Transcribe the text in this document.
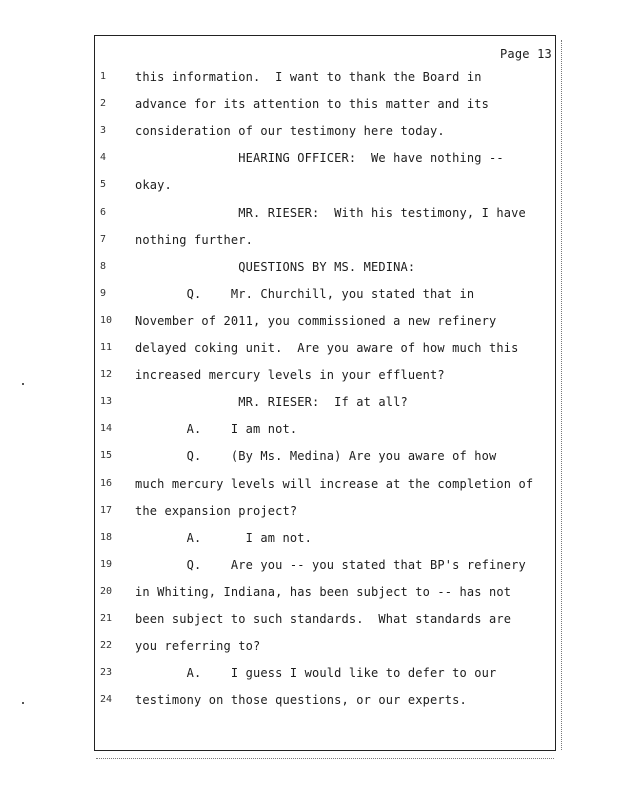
Page 13
1	this information.  I want to thank the Board in
2	advance for its attention to this matter and its
3	consideration of our testimony here today.
4	HEARING OFFICER:  We have nothing --
5	okay.
6	MR. RIESER:  With his testimony, I have
7	nothing further.
8	QUESTIONS BY MS. MEDINA:
9	Q.    Mr. Churchill, you stated that in
10	November of 2011, you commissioned a new refinery
11	delayed coking unit.  Are you aware of how much this
12	increased mercury levels in your effluent?
13	MR. RIESER:  If at all?
14	A.    I am not.
15	Q.    (By Ms. Medina) Are you aware of how
16	much mercury levels will increase at the completion of
17	the expansion project?
18	A.      I am not.
19	Q.    Are you -- you stated that BP's refinery
20	in Whiting, Indiana, has been subject to -- has not
21	been subject to such standards.  What standards are
22	you referring to?
23	A.    I guess I would like to defer to our
24	testimony on those questions, or our experts.
